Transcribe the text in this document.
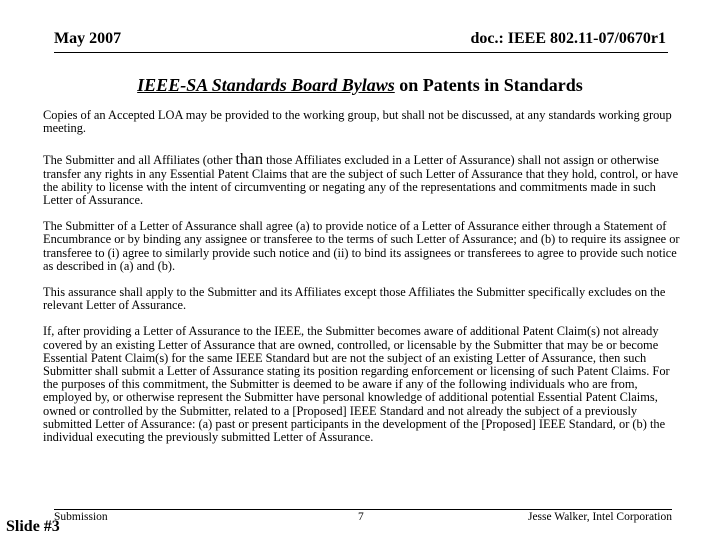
May 2007	doc.: IEEE 802.11-07/0670r1
IEEE-SA Standards Board Bylaws on Patents in Standards

Copies of an Accepted LOA may be provided to the working group, but shall not be discussed, at any standards working group meeting.

The Submitter and all Affiliates (other than those Affiliates excluded in a Letter of Assurance) shall not assign or otherwise transfer any rights in any Essential Patent Claims that are the subject of such Letter of Assurance that they hold, control, or have the ability to license with the intent of circumventing or negating any of the representations and commitments made in such Letter of Assurance.

The Submitter of a Letter of Assurance shall agree (a) to provide notice of a Letter of Assurance either through a Statement of Encumbrance or by binding any assignee or transferee to the terms of such Letter of Assurance; and (b) to require its assignee or transferee to (i) agree to similarly provide such notice and (ii) to bind its assignees or transferees to agree to provide such notice as described in (a) and (b).

This assurance shall apply to the Submitter and its Affiliates except those Affiliates the Submitter specifically excludes on the relevant Letter of Assurance.

If, after providing a Letter of Assurance to the IEEE, the Submitter becomes aware of additional Patent Claim(s) not already covered by an existing Letter of Assurance that are owned, controlled, or licensable by the Submitter that may be or become Essential Patent Claim(s) for the same IEEE Standard but are not the subject of an existing Letter of Assurance, then such Submitter shall submit a Letter of Assurance stating its position regarding enforcement or licensing of such Patent Claims. For the purposes of this commitment, the Submitter is deemed to be aware if any of the following individuals who are from, employed by, or otherwise represent the Submitter have personal knowledge of additional potential Essential Patent Claims, owned or controlled by the Submitter, related to a [Proposed] IEEE Standard and not already the subject of a previously submitted Letter of Assurance: (a) past or present participants in the development of the [Proposed] IEEE Standard, or (b) the individual executing the previously submitted Letter of Assurance.

Submission	7	Jesse Walker, Intel Corporation
Slide #3
